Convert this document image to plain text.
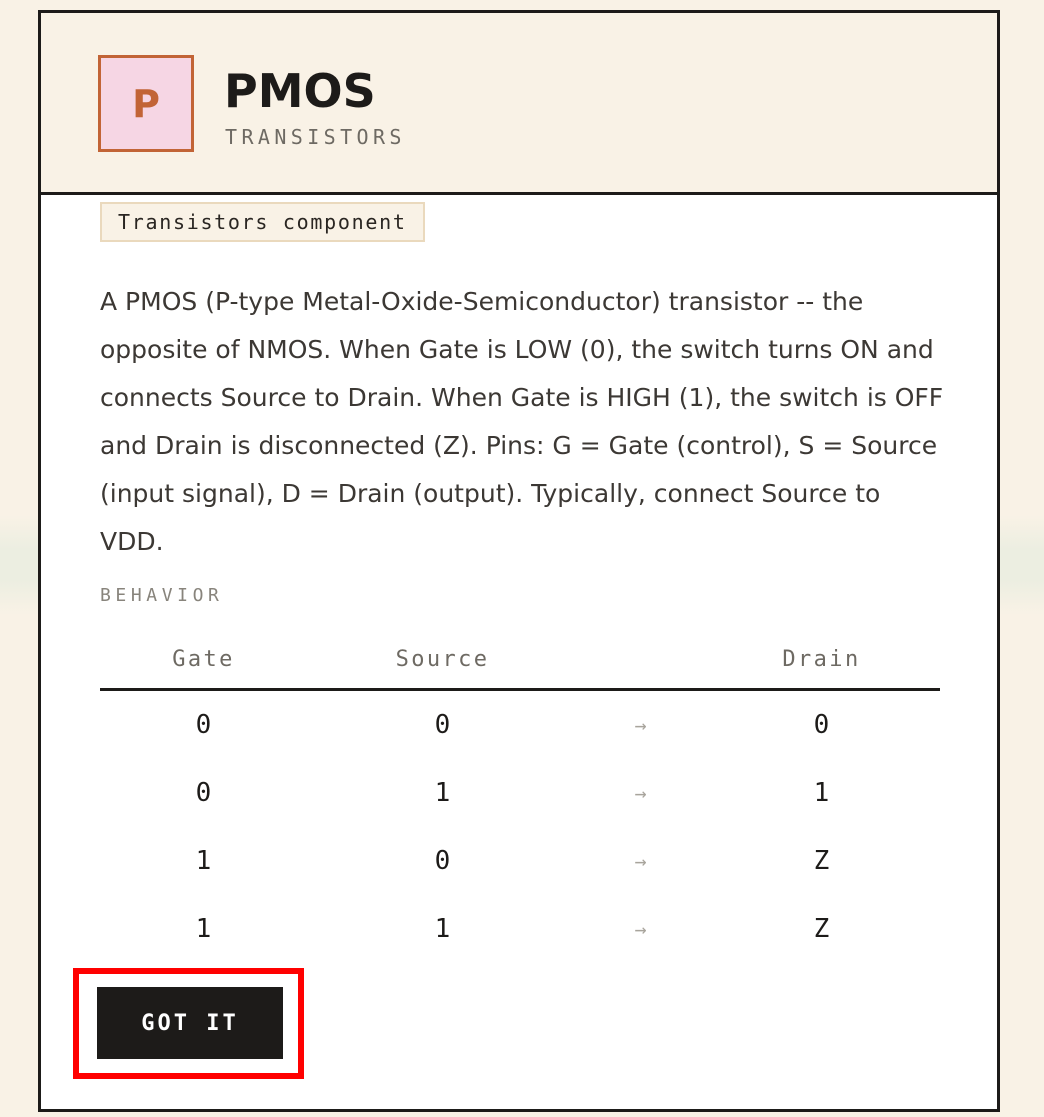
P PMOS
TRANSISTORS
Transistors component

A PMOS (P-type Metal-Oxide-Semiconductor) transistor -- the opposite of NMOS. When Gate is LOW (0), the switch turns ON and connects Source to Drain. When Gate is HIGH (1), the switch is OFF and Drain is disconnected (Z). Pins: G = Gate (control), S = Source (input signal), D = Drain (output). Typically, connect Source to VDD.

BEHAVIOR
Gate	Source		Drain
0	0	→	0
0	1	→	1
1	0	→	Z
1	1	→	Z
GOT IT
